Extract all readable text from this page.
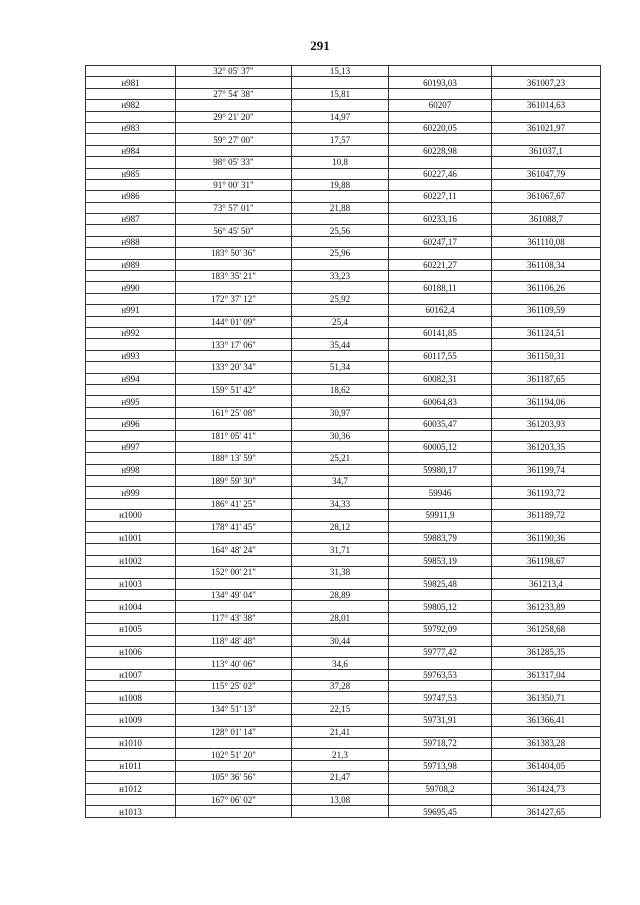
291
	32° 05' 37"	15,13		
н981			60193,03	361007,23
	27° 54' 38"	15,81		
н982			60207	361014,63
	29° 21' 20"	14,97		
н983			60220,05	361021,97
	59° 27' 00"	17,57		
н984			60228,98	361037,1
	98° 05' 33"	10,8		
н985			60227,46	361047,79
	91° 00' 31"	19,88		
н986			60227,11	361067,67
	73° 57' 01"	21,88		
н987			60233,16	361088,7
	56° 45' 50"	25,56		
н988			60247,17	361110,08
	183° 50' 36"	25,96		
н989			60221,27	361108,34
	183° 35' 21"	33,23		
н990			60188,11	361106,26
	172° 37' 12"	25,92		
н991			60162,4	361109,59
	144° 01' 09"	25,4		
н992			60141,85	361124,51
	133° 17' 06"	35,44		
н993			60117,55	361150,31
	133° 20' 34"	51,34		
н994			60082,31	361187,65
	159° 51' 42"	18,62		
н995			60064,83	361194,06
	161° 25' 08"	30,97		
н996			60035,47	361203,93
	181° 05' 41"	30,36		
н997			60005,12	361203,35
	188° 13' 59"	25,21		
н998			59980,17	361199,74
	189° 59' 30"	34,7		
н999			59946	361193,72
	186° 41' 25"	34,33		
н1000			59911,9	361189,72
	178° 41' 45"	28,12		
н1001			59883,79	361190,36
	164° 48' 24"	31,71		
н1002			59853,19	361198,67
	152° 00' 21"	31,38		
н1003			59825,48	361213,4
	134° 49' 04"	28,89		
н1004			59805,12	361233,89
	117° 43' 38"	28,01		
н1005			59792,09	361258,68
	118° 48' 48"	30,44		
н1006			59777,42	361285,35
	113° 40' 06"	34,6		
н1007			59763,53	361317,04
	115° 25' 02"	37,28		
н1008			59747,53	361350,71
	134° 51' 13"	22,15		
н1009			59731,91	361366,41
	128° 01' 14"	21,41		
н1010			59718,72	361383,28
	102° 51' 20"	21,3		
н1011			59713,98	361404,05
	105° 36' 56"	21,47		
н1012			59708,2	361424,73
	167° 06' 02"	13,08		
н1013			59695,45	361427,65
